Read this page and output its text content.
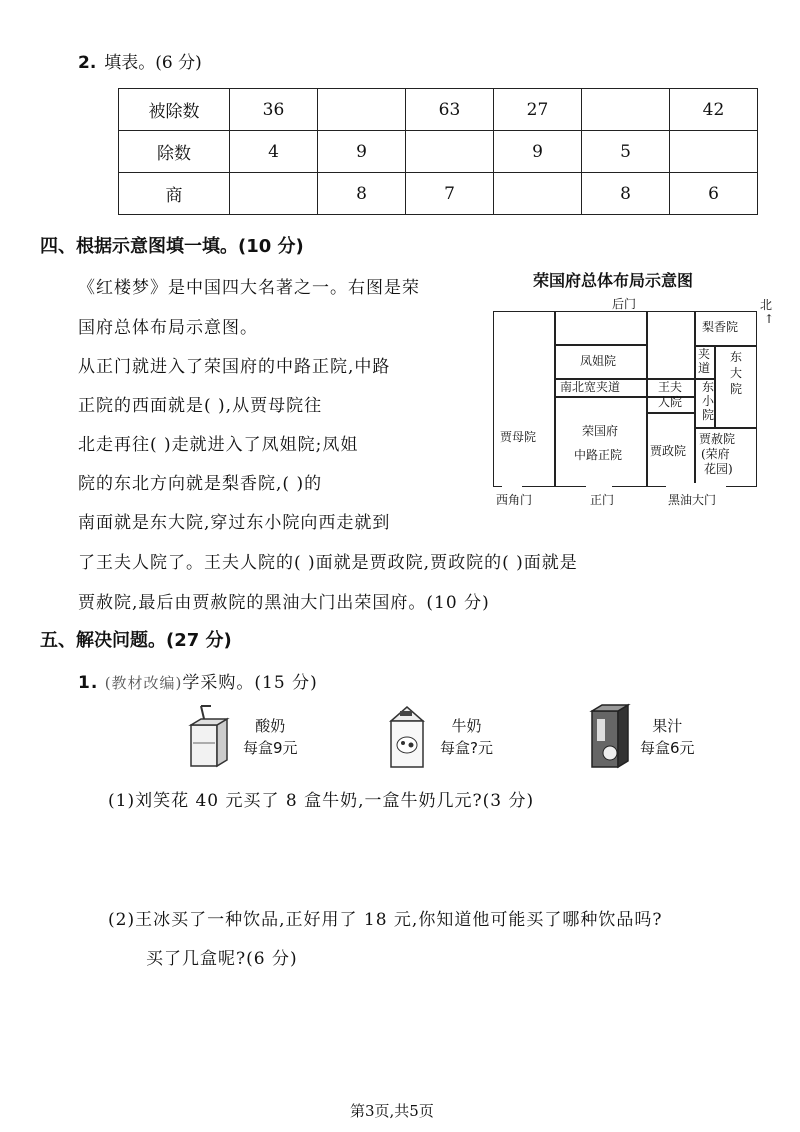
2. 填表。(6 分)
被除数	36		63	27		42
除数	4	9		9	5	
商		8	7		8	6
四、根据示意图填一填。(10 分)
《红楼梦》是中国四大名著之一。右图是荣
国府总体布局示意图。
从正门就进入了荣国府的中路正院,中路
正院的西面就是( ),从贾母院往
北走再往( )走就进入了凤姐院;凤姐
院的东北方向就是梨香院,( )的
南面就是东大院,穿过东小院向西走就到
了王夫人院了。王夫人院的( )面就是贾政院,贾政院的( )面就是
贾赦院,最后由贾赦院的黑油大门出荣国府。(10 分)
荣国府总体布局示意图
北
↑
后门
凤姐院
南北宽夹道
贾母院	荣国府
中路正院
王夫
人院
贾政院
梨香院
夹
道
东
大
院
东
小
院
贾赦院
(荣府
花园)
西角门	正门	黑油大门
五、解决问题。(27 分)
1. (教材改编)学采购。(15 分)
酸奶
每盒9元
牛奶
每盒?元
果汁
每盒6元
(1)刘笑花 40 元买了 8 盒牛奶,一盒牛奶几元?(3 分)
(2)王冰买了一种饮品,正好用了 18 元,你知道他可能买了哪种饮品吗?
买了几盒呢?(6 分)
第3页,共5页
